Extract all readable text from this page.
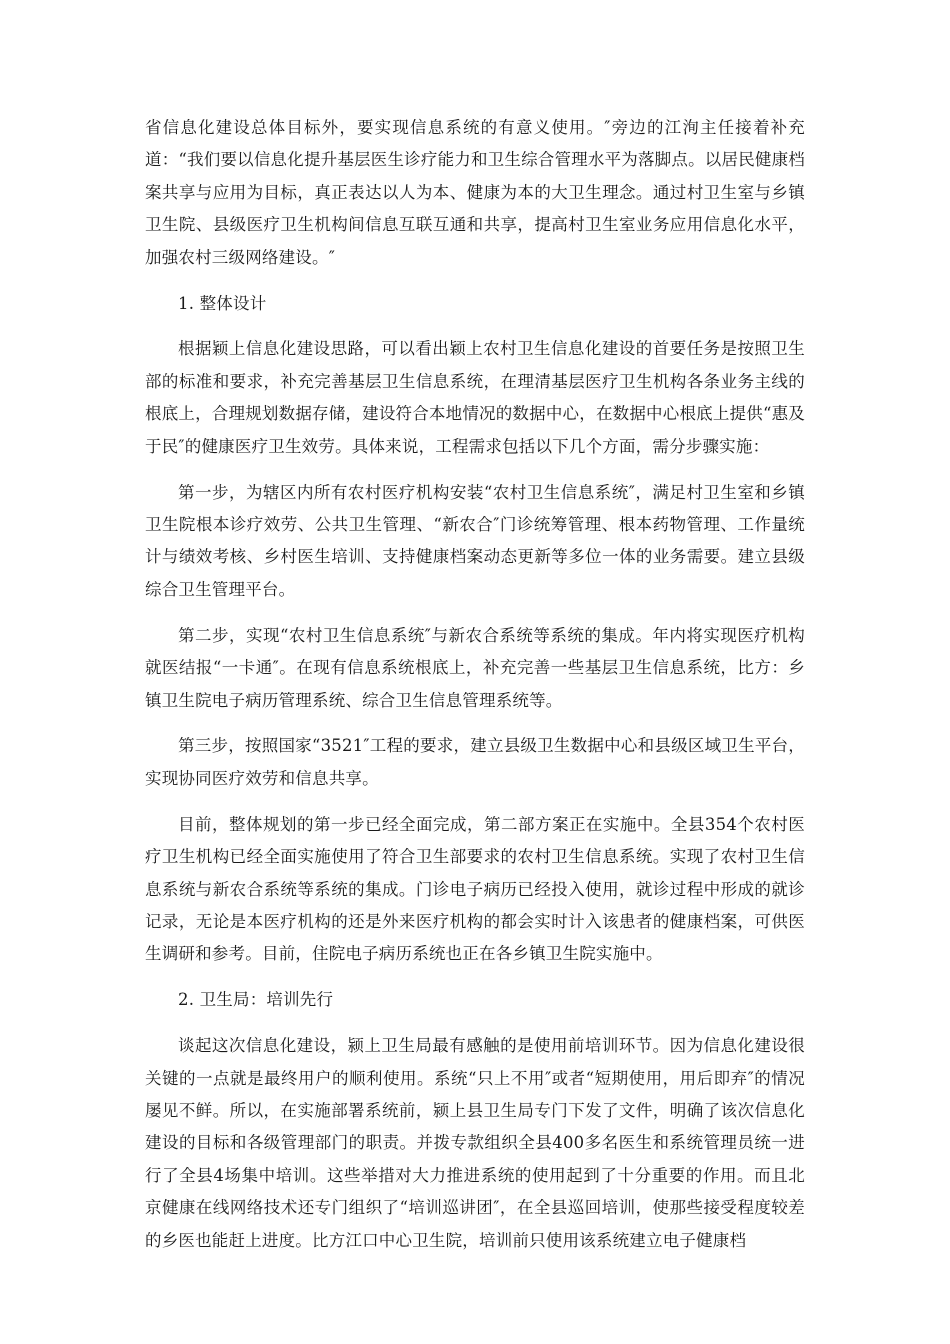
省信息化建设总体目标外，要实现信息系统的有意义使用。″旁边的江洵主任接着补充道：“我们要以信息化提升基层医生诊疗能力和卫生综合管理水平为落脚点。以居民健康档案共享与应用为目标，真正表达以人为本、健康为本的大卫生理念。通过村卫生室与乡镇卫生院、县级医疗卫生机构间信息互联互通和共享，提高村卫生室业务应用信息化水平，加强农村三级网络建设。″

1. 整体设计

根据颖上信息化建设思路，可以看出颖上农村卫生信息化建设的首要任务是按照卫生部的标准和要求，补充完善基层卫生信息系统，在理清基层医疗卫生机构各条业务主线的根底上，合理规划数据存储，建设符合本地情况的数据中心，在数据中心根底上提供“惠及于民″的健康医疗卫生效劳。具体来说，工程需求包括以下几个方面，需分步骤实施：

第一步，为辖区内所有农村医疗机构安装“农村卫生信息系统″，满足村卫生室和乡镇卫生院根本诊疗效劳、公共卫生管理、“新农合″门诊统筹管理、根本药物管理、工作量统计与绩效考核、乡村医生培训、支持健康档案动态更新等多位一体的业务需要。建立县级综合卫生管理平台。

第二步，实现“农村卫生信息系统″与新农合系统等系统的集成。年内将实现医疗机构就医结报“一卡通″。在现有信息系统根底上，补充完善一些基层卫生信息系统，比方：乡镇卫生院电子病历管理系统、综合卫生信息管理系统等。

第三步，按照国家“3521″工程的要求，建立县级卫生数据中心和县级区域卫生平台，实现协同医疗效劳和信息共享。

目前，整体规划的第一步已经全面完成，第二部方案正在实施中。全县354个农村医疗卫生机构已经全面实施使用了符合卫生部要求的农村卫生信息系统。实现了农村卫生信息系统与新农合系统等系统的集成。门诊电子病历已经投入使用，就诊过程中形成的就诊记录，无论是本医疗机构的还是外来医疗机构的都会实时计入该患者的健康档案，可供医生调研和参考。目前，住院电子病历系统也正在各乡镇卫生院实施中。

2. 卫生局：培训先行

谈起这次信息化建设，颍上卫生局最有感触的是使用前培训环节。因为信息化建设很关键的一点就是最终用户的顺利使用。系统“只上不用″或者“短期使用，用后即弃″的情况屡见不鲜。所以，在实施部署系统前，颍上县卫生局专门下发了文件，明确了该次信息化建设的目标和各级管理部门的职责。并拨专款组织全县400多名医生和系统管理员统一进行了全县4场集中培训。这些举措对大力推进系统的使用起到了十分重要的作用。而且北京健康在线网络技术还专门组织了“培训巡讲团″，在全县巡回培训，使那些接受程度较差的乡医也能赶上进度。比方江口中心卫生院，培训前只使用该系统建立电子健康档
